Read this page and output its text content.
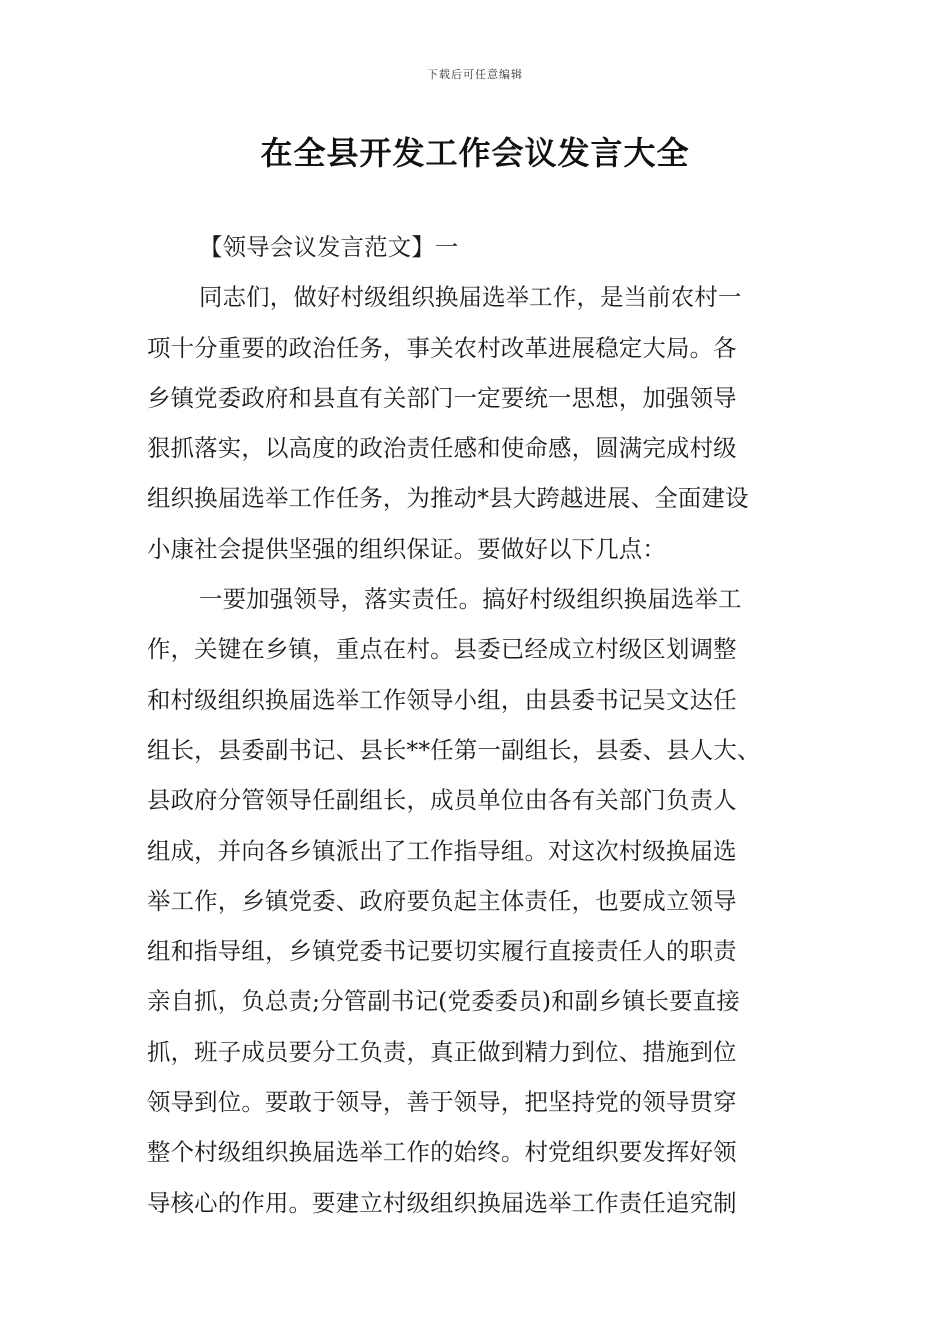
下载后可任意编辑
在全县开发工作会议发言大全
【领导会议发言范文】一
同志们，做好村级组织换届选举工作，是当前农村一
项十分重要的政治任务，事关农村改革进展稳定大局。各
乡镇党委政府和县直有关部门一定要统一思想，加强领导
狠抓落实，以高度的政治责任感和使命感，圆满完成村级
组织换届选举工作任务，为推动*县大跨越进展、全面建设
小康社会提供坚强的组织保证。要做好以下几点：
一要加强领导，落实责任。搞好村级组织换届选举工
作，关键在乡镇，重点在村。县委已经成立村级区划调整
和村级组织换届选举工作领导小组，由县委书记吴文达任
组长，县委副书记、县长**任第一副组长，县委、县人大、
县政府分管领导任副组长，成员单位由各有关部门负责人
组成，并向各乡镇派出了工作指导组。对这次村级换届选
举工作，乡镇党委、政府要负起主体责任，也要成立领导
组和指导组，乡镇党委书记要切实履行直接责任人的职责
亲自抓，负总责;分管副书记(党委委员)和副乡镇长要直接
抓，班子成员要分工负责，真正做到精力到位、措施到位
领导到位。要敢于领导，善于领导，把坚持党的领导贯穿
整个村级组织换届选举工作的始终。村党组织要发挥好领
导核心的作用。要建立村级组织换届选举工作责任追究制
